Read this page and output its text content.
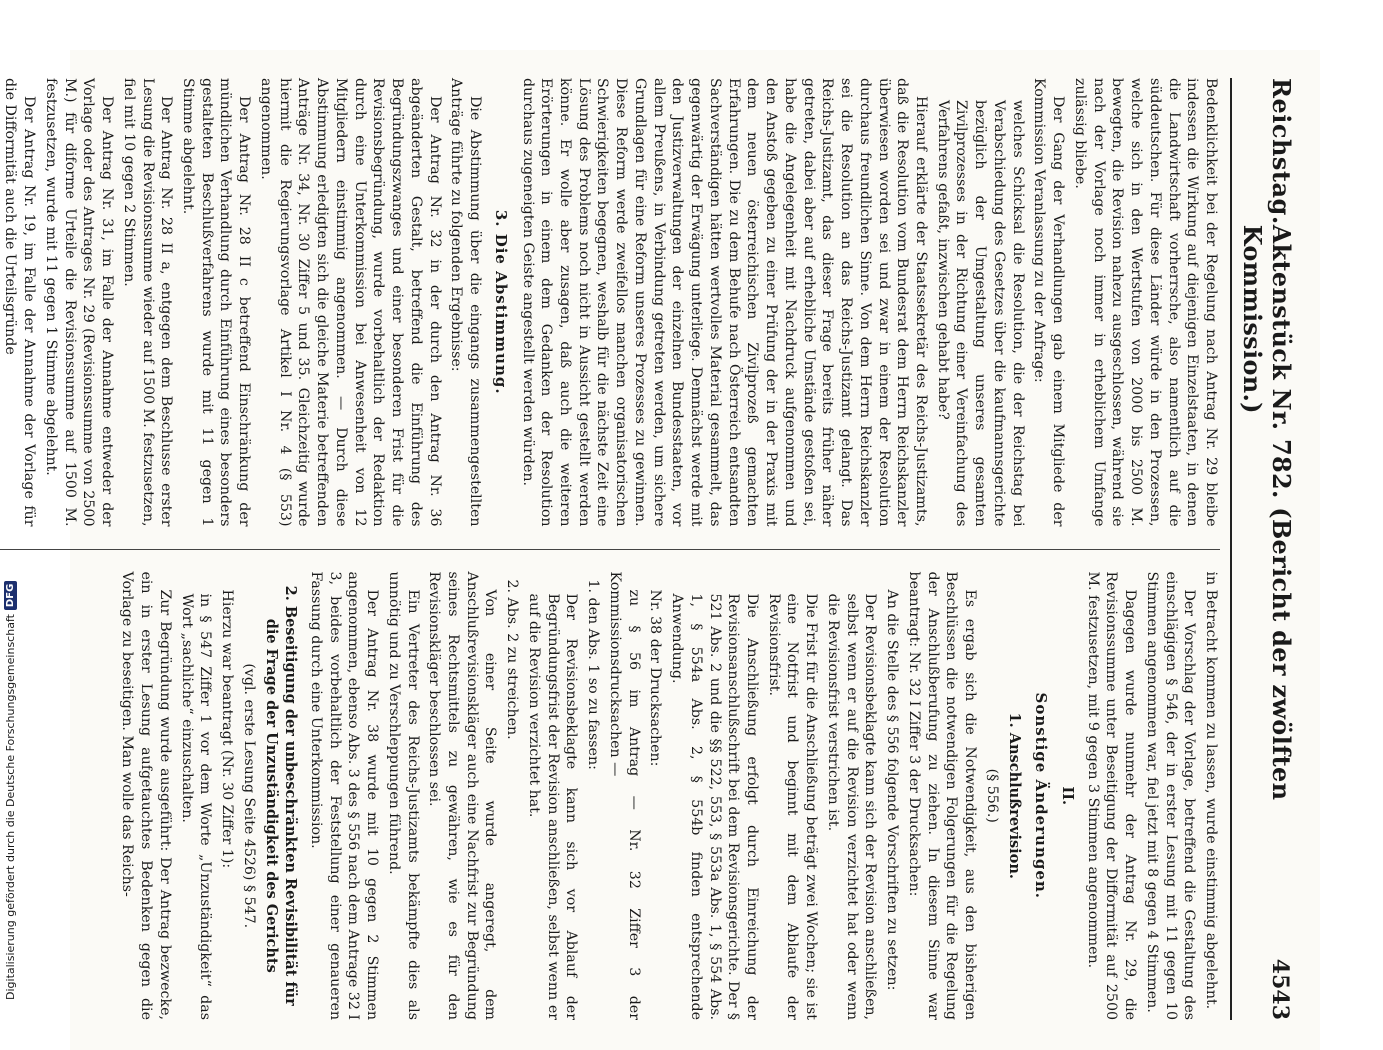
Reichstag.
Aktenstück Nr. 782. (Bericht der zwölften Kommission.)
4543

Bedenklichkeit bei der Regelung nach Antrag Nr. 29 bleibe indessen die Wirkung auf diejenigen Einzelstaaten, in denen die Landwirtschaft vorherrsche, also namentlich auf die süddeutschen. Für diese Länder würde in den Prozessen, welche sich in den Wertstufen von 2000 bis 2500 M. bewegten, die Revision nahezu ausgeschlossen, während sie nach der Vorlage noch immer in erheblichem Umfange zulässig bliebe.

Der Gang der Verhandlungen gab einem Mitgliede der Kommission Veranlassung zu der Anfrage:

welches Schicksal die Resolution, die der Reichstag bei Verabschiedung des Gesetzes über die kaufmannsgerichte bezüglich der Umgestaltung unseres gesamten Zivilprozesses in der Richtung einer Vereinfachung des Verfahrens gefaßt, inzwischen gehabt habe?

Hierauf erklärte der Staatssekretär des Reichs-Justizamts, daß die Resolution vom Bundesrat dem Herrn Reichskanzler überwiesen worden sei und zwar in einem der Resolution durchaus freundlichen Sinne. Von dem Herrn Reichskanzler sei die Resolution an das Reichs-Justizamt gelangt. Das Reichs-Justizamt, das dieser Frage bereits früher näher getreten, dabei aber auf erhebliche Umstände gestoßen sei, habe die Angelegenheit mit Nachdruck aufgenommen und den Anstoß gegeben zu einer Prüfung der in der Praxis mit dem neuen österreichischen Zivilprozeß gemachten Erfahrungen. Die zu dem Behufe nach Österreich entsandten Sachverständigen hätten wertvolles Material gesammelt, das gegenwärtig der Erwägung unterliege. Demnächst werde mit den Justizverwaltungen der einzelnen Bundesstaaten, vor allem Preußens, in Verbindung getreten werden, um sichere Grundlagen für eine Reform unseres Prozesses zu gewinnen. Diese Reform werde zweifellos manchen organisatorischen Schwierigkeiten begegnen, weshalb für die nächste Zeit eine Lösung des Problems noch nicht in Aussicht gestellt werden könne. Er wolle aber zusagen, daß auch die weiteren Erörterungen in einem dem Gedanken der Resolution durchaus zugeneigten Geiste angestellt werden würden.

3. Die Abstimmung.

Die Abstimmung über die eingangs zusammengestellten Anträge führte zu folgenden Ergebnisse:

Der Antrag Nr. 32 in der durch den Antrag Nr. 36 abgeänderten Gestalt, betreffend die Einführung des Begründungszwanges und einer besonderen Frist für die Revisionsbegründung, wurde vorbehaltlich der Redaktion durch eine Unterkommission bei Anwesenheit von 12 Mitgliedern einstimmig angenommen. — Durch diese Abstimmung erledigten sich die gleiche Materie betreffenden Anträge Nr. 34, Nr. 30 Ziffer 5 und 35. Gleichzeitig wurde hiermit die Regierungsvorlage Artikel I Nr. 4 (§ 553) angenommen.

Der Antrag Nr. 28 II c betreffend Einschränkung der mündlichen Verhandlung durch Einführung eines besonders gestalteten Beschlußverfahrens wurde mit 11 gegen 1 Stimme abgelehnt.

Der Antrag Nr. 28 II a, entgegen dem Beschlusse erster Lesung die Revisionssumme wieder auf 1500 M. festzusetzen, fiel mit 10 gegen 2 Stimmen.

Der Antrag Nr. 31, im Falle der Annahme entweder der Vorlage oder des Antrages Nr. 29 (Revisionssumme von 2500 M.) für diforme Urteile die Revisionssumme auf 1500 M. festzusetzen, wurde mit 11 gegen 1 Stimme abgelehnt.

Der Antrag Nr. 19, im Falle der Annahme der Vorlage für die Difformität auch die Urteilsgründe

in Betracht kommen zu lassen, wurde einstimmig abgelehnt.

Der Vorschlag der Vorlage, betreffend die Gestaltung des einschlägigen § 546, der in erster Lesung mit 11 gegen 10 Stimmen angenommen war, fiel jetzt mit 8 gegen 4 Stimmen.

Dagegen wurde nunmehr der Antrag Nr. 29, die Revisionssumme unter Beseitigung der Difformität auf 2500 M. festzusetzen, mit 9 gegen 3 Stimmen angenommen.

II.
Sonstige Änderungen.
1. Anschlußrevision.

(§ 556.)

Es ergab sich die Notwendigkeit, aus den bisherigen Beschlüssen die notwendigen Folgerungen für die Regelung der Anschlußberufung zu ziehen. In diesem Sinne war beantragt: Nr. 32 I Ziffer 3 der Drucksachen:

An die Stelle des § 556 folgende Vorschriften zu setzen:

Der Revisionsbeklagte kann sich der Revision anschließen, selbst wenn er auf die Revision verzichtet hat oder wenn die Revisionsfrist verstrichen ist.

Die Frist für die Anschließung beträgt zwei Wochen; sie ist eine Notfrist und beginnt mit dem Ablaufe der Revisionsfrist.

Die Anschließung erfolgt durch Einreichung der Revisionsanschlußschrift bei dem Revisionsgerichte. Der § 521 Abs. 2 und die §§ 522, 553, § 553a Abs. 1, § 554 Abs. 1, § 554a Abs. 2, § 554b finden entsprechende Anwendung.

Nr. 38 der Drucksachen:

zu § 56 im Antrag — Nr. 32 Ziffer 3 der Kommissionsdrucksachen —

1. den Abs. 1 so zu fassen:

Der Revisionsbeklagte kann sich vor Ablauf der Begründungsfrist der Revision anschließen, selbst wenn er auf die Revision verzichtet hat.

2. Abs. 2 zu streichen.

Von einer Seite wurde angeregt, dem Anschlußrevisionskläger auch eine Nachfrist zur Begründung seines Rechtsmittels zu gewähren, wie es für den Revisionskläger beschlossen sei.

Ein Vertreter des Reichs-Justizamts bekämpfte dies als unnötig und zu Verschleppungen führend.

Der Antrag Nr. 38 wurde mit 10 gegen 2 Stimmen angenommen, ebenso Abs. 3 des § 556 nach dem Antrage 32 I 3, beides vorbehaltlich der Feststellung einer genaueren Fassung durch eine Unterkommission.

2. Beseitigung der unbeschränkten Revisibilität für die Frage der Unzuständigkeit des Gerichts

(vgl. erste Lesung Seite 4526) § 547.

Hierzu war beantragt (Nr. 30 Ziffer 1):

in § 547 Ziffer 1 vor dem Worte „Unzuständigkeit“ das Wort „sachliche“ einzuschalten.

Zur Begründung wurde ausgeführt: Der Antrag bezwecke, ein in erster Lesung aufgetauchtes Bedenken gegen die Vorlage zu beseitigen. Man wolle das Reichs-

Digitalisierung gefördert durch die Deutsche Forschungsgemeinschaft
DFG
